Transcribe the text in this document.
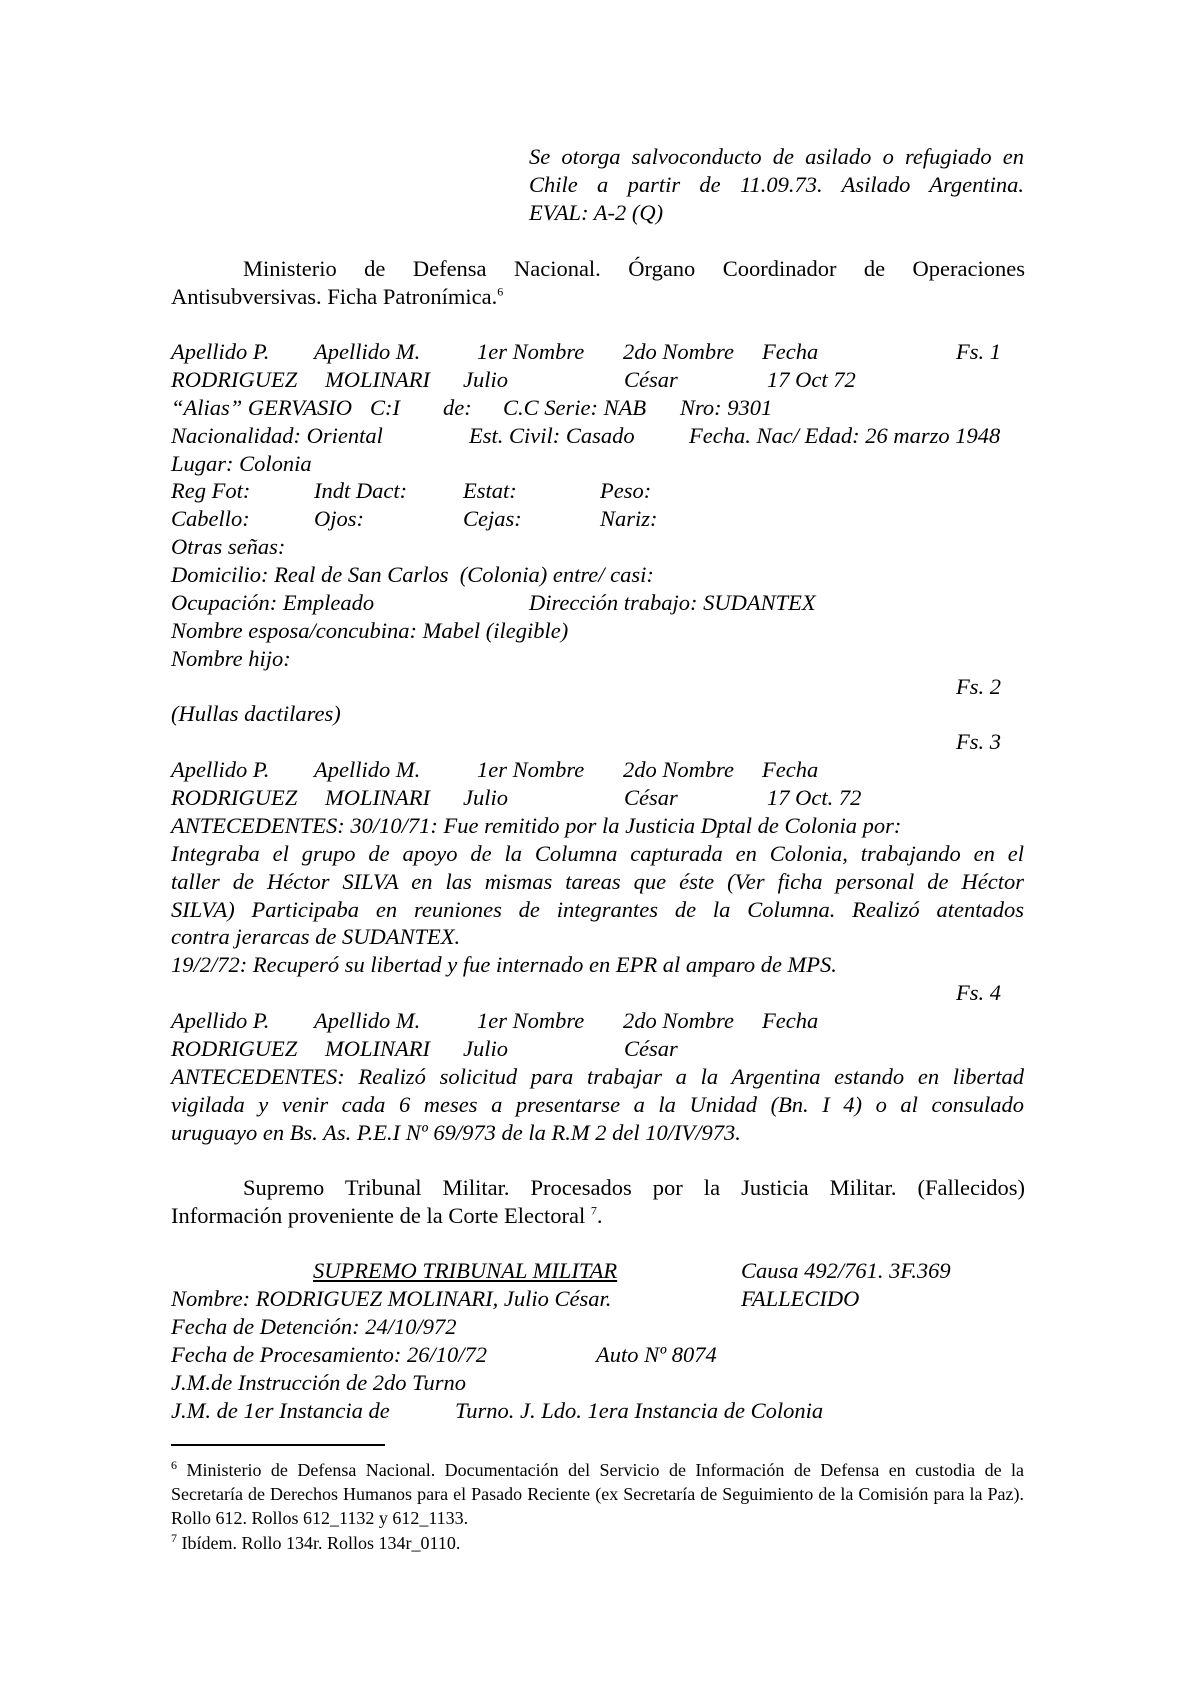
Se otorga salvoconducto de asilado o refugiado en
Chile a partir de 11.09.73. Asilado Argentina.
EVAL: A-2 (Q)
Ministerio de Defensa Nacional. Órgano Coordinador de Operaciones
Antisubversivas. Ficha Patronímica.$^6$
Apellido P. Apellido M.	1er Nombre 2do Nombre Fecha	Fs. 1
RODRIGUEZ MOLINARI Julio	César	17 Oct 72
“Alias” GERVASIO C:I de: C.C Serie: NAB Nro: 9301
Nacionalidad: Oriental	Est. Civil: Casado Fecha. Nac/ Edad: 26 marzo 1948
Lugar: Colonia
Reg Fot:	Indt Dact: Estat:	Peso:
Cabello:	Ojos:	Cejas:	Nariz:
Otras señas:
Domicilio: Real de San Carlos  (Colonia) entre/ casi:
Ocupación: Empleado	Dirección trabajo: SUDANTEX
Nombre esposa/concubina: Mabel (ilegible)
Nombre hijo:
Fs. 2
(Hullas dactilares)
Fs. 3
Apellido P. Apellido M.	1er Nombre 2do Nombre Fecha
RODRIGUEZ MOLINARI Julio	César	17 Oct. 72
ANTECEDENTES: 30/10/71: Fue remitido por la Justicia Dptal de Colonia por:
Integraba el grupo de apoyo de la Columna capturada en Colonia, trabajando en el
taller de Héctor SILVA en las mismas tareas que éste (Ver ficha personal de Héctor
SILVA) Participaba en reuniones de integrantes de la Columna. Realizó atentados
contra jerarcas de SUDANTEX.
19/2/72: Recuperó su libertad y fue internado en EPR al amparo de MPS.
Fs. 4
Apellido P. Apellido M.	1er Nombre 2do Nombre Fecha
RODRIGUEZ MOLINARI Julio	César
ANTECEDENTES: Realizó solicitud para trabajar a la Argentina estando en libertad
vigilada y venir cada 6 meses a presentarse a la Unidad (Bn. I 4) o al consulado
uruguayo en Bs. As. P.E.I Nº 69/973 de la R.M 2 del 10/IV/973.
Supremo Tribunal Militar. Procesados por la Justicia Militar. (Fallecidos)
Información proveniente de la Corte Electoral $^7$.
SUPREMO TRIBUNAL MILITAR	Causa 492/761. 3F.369
Nombre: RODRIGUEZ MOLINARI, Julio César.	FALLECIDO
Fecha de Detención: 24/10/972
Fecha de Procesamiento: 26/10/72	Auto Nº 8074
J.M.de Instrucción de 2do Turno
J.M. de 1er Instancia de	Turno. J. Ldo. 1era Instancia de Colonia
$^6$ Ministerio de Defensa Nacional. Documentación del Servicio de Información de Defensa en custodia de la Secretaría de Derechos Humanos para el Pasado Reciente (ex Secretaría de Seguimiento de la Comisión para la Paz). Rollo 612. Rollos 612_1132 y 612_1133.
$^7$ Ibídem. Rollo 134r. Rollos 134r_0110.
